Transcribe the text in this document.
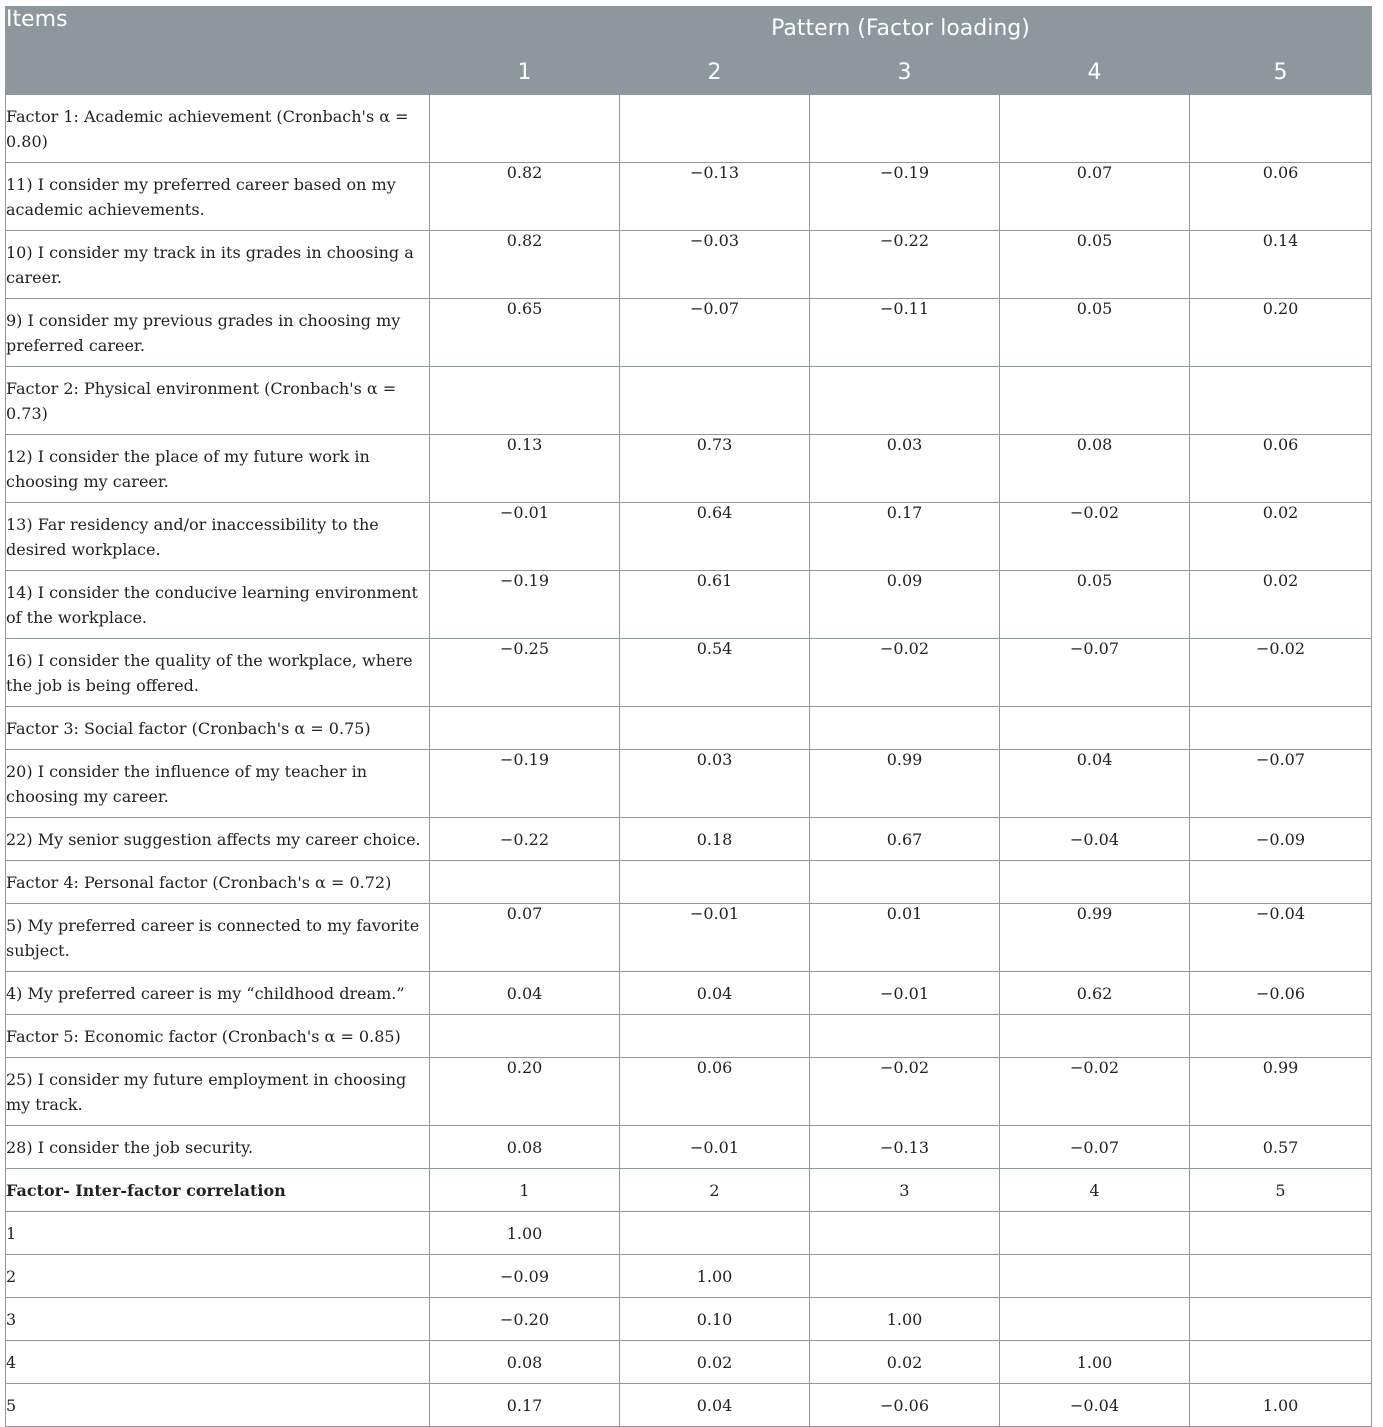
Items	Pattern (Factor loading)				
	1	2	3	4	5
Factor 1: Academic achievement (Cronbach's α = 0.80)					
11) I consider my preferred career based on my academic achievements.	0.82	−0.13	−0.19	0.07	0.06
10) I consider my track in its grades in choosing a career.	0.82	−0.03	−0.22	0.05	0.14
9) I consider my previous grades in choosing my preferred career.	0.65	−0.07	−0.11	0.05	0.20
Factor 2: Physical environment (Cronbach's α = 0.73)					
12) I consider the place of my future work in choosing my career.	0.13	0.73	0.03	0.08	0.06
13) Far residency and/or inaccessibility to the desired workplace.	−0.01	0.64	0.17	−0.02	0.02
14) I consider the conducive learning environment of the workplace.	−0.19	0.61	0.09	0.05	0.02
16) I consider the quality of the workplace, where the job is being offered.	−0.25	0.54	−0.02	−0.07	−0.02
Factor 3: Social factor (Cronbach's α = 0.75)					
20) I consider the influence of my teacher in choosing my career.	−0.19	0.03	0.99	0.04	−0.07
22) My senior suggestion affects my career choice.	−0.22	0.18	0.67	−0.04	−0.09
Factor 4: Personal factor (Cronbach's α = 0.72)					
5) My preferred career is connected to my favorite subject.	0.07	−0.01	0.01	0.99	−0.04
4) My preferred career is my “childhood dream.”	0.04	0.04	−0.01	0.62	−0.06
Factor 5: Economic factor (Cronbach's α = 0.85)					
25) I consider my future employment in choosing my track.	0.20	0.06	−0.02	−0.02	0.99
28) I consider the job security.	0.08	−0.01	−0.13	−0.07	0.57
Factor- Inter-factor correlation	1	2	3	4	5
1	1.00				
2	−0.09	1.00			
3	−0.20	0.10	1.00		
4	0.08	0.02	0.02	1.00	
5	0.17	0.04	−0.06	−0.04	1.00
